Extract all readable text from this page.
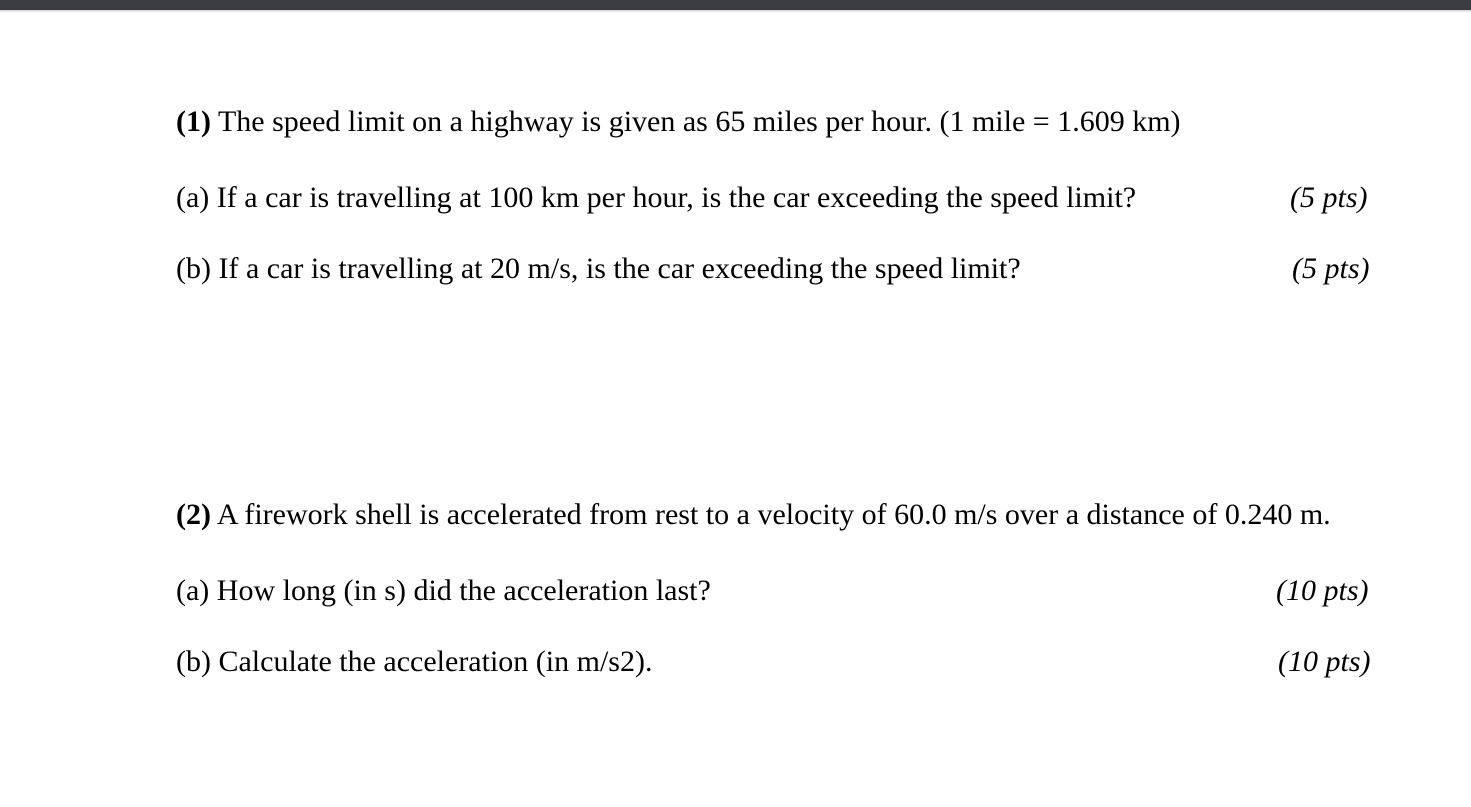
(1) The speed limit on a highway is given as 65 miles per hour. (1 mile = 1.609 km)
(a) If a car is travelling at 100 km per hour, is the car exceeding the speed limit?	(5 pts)
(b) If a car is travelling at 20 m/s, is the car exceeding the speed limit?	(5 pts)
(2) A firework shell is accelerated from rest to a velocity of 60.0 m/s over a distance of 0.240 m.
(a) How long (in s) did the acceleration last?	(10 pts)
(b) Calculate the acceleration (in m/s2).	(10 pts)
